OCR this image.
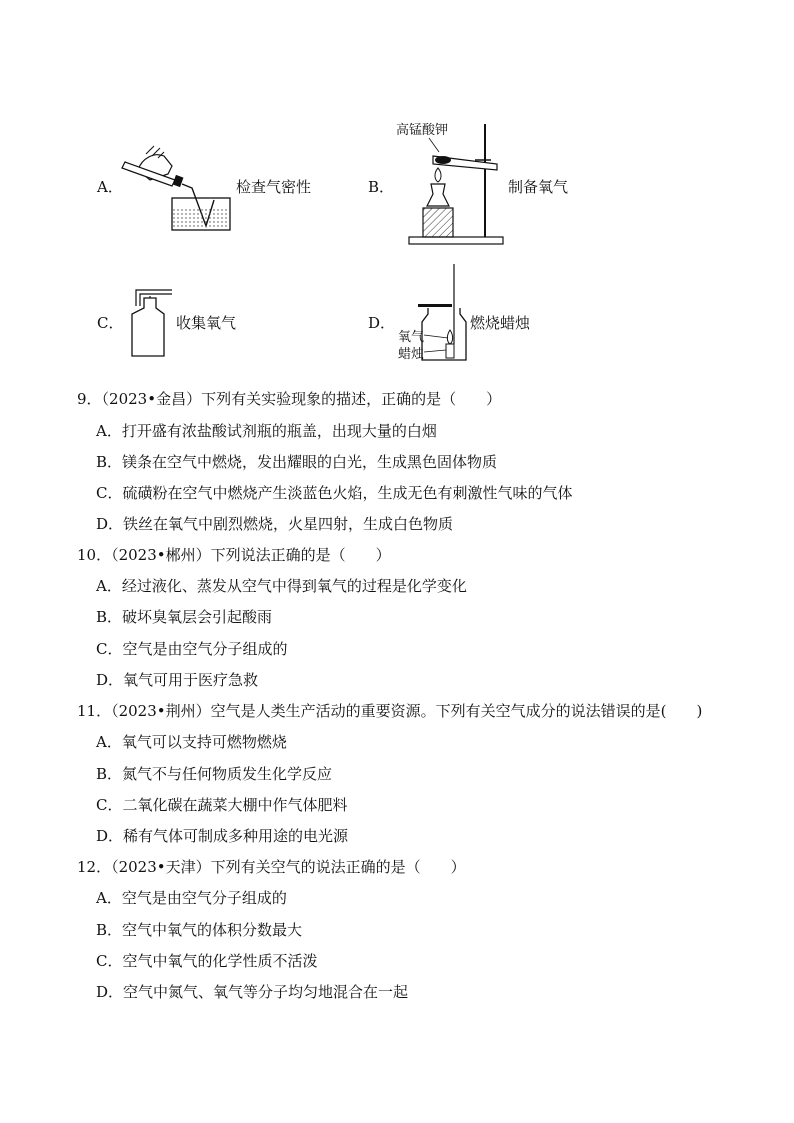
A．	检查气密性	B．
高锰酸钾
制备氧气
C．	收集氧气	D．
氧气
蜡烛
燃烧蜡烛
9．（2023•金昌）下列有关实验现象的描述，正确的是（　　）
A．打开盛有浓盐酸试剂瓶的瓶盖，出现大量的白烟
B．镁条在空气中燃烧，发出耀眼的白光，生成黑色固体物质
C．硫磺粉在空气中燃烧产生淡蓝色火焰，生成无色有刺激性气味的气体
D．铁丝在氧气中剧烈燃烧，火星四射，生成白色物质
10．（2023•郴州）下列说法正确的是（　　）
A．经过液化、蒸发从空气中得到氧气的过程是化学变化
B．破坏臭氧层会引起酸雨
C．空气是由空气分子组成的
D．氧气可用于医疗急救
11．（2023•荆州）空气是人类生产活动的重要资源。下列有关空气成分的说法错误的是(　　)
A．氧气可以支持可燃物燃烧
B．氮气不与任何物质发生化学反应
C．二氧化碳在蔬菜大棚中作气体肥料
D．稀有气体可制成多种用途的电光源
12．（2023•天津）下列有关空气的说法正确的是（　　）
A．空气是由空气分子组成的
B．空气中氧气的体积分数最大
C．空气中氧气的化学性质不活泼
D．空气中氮气、氧气等分子均匀地混合在一起
